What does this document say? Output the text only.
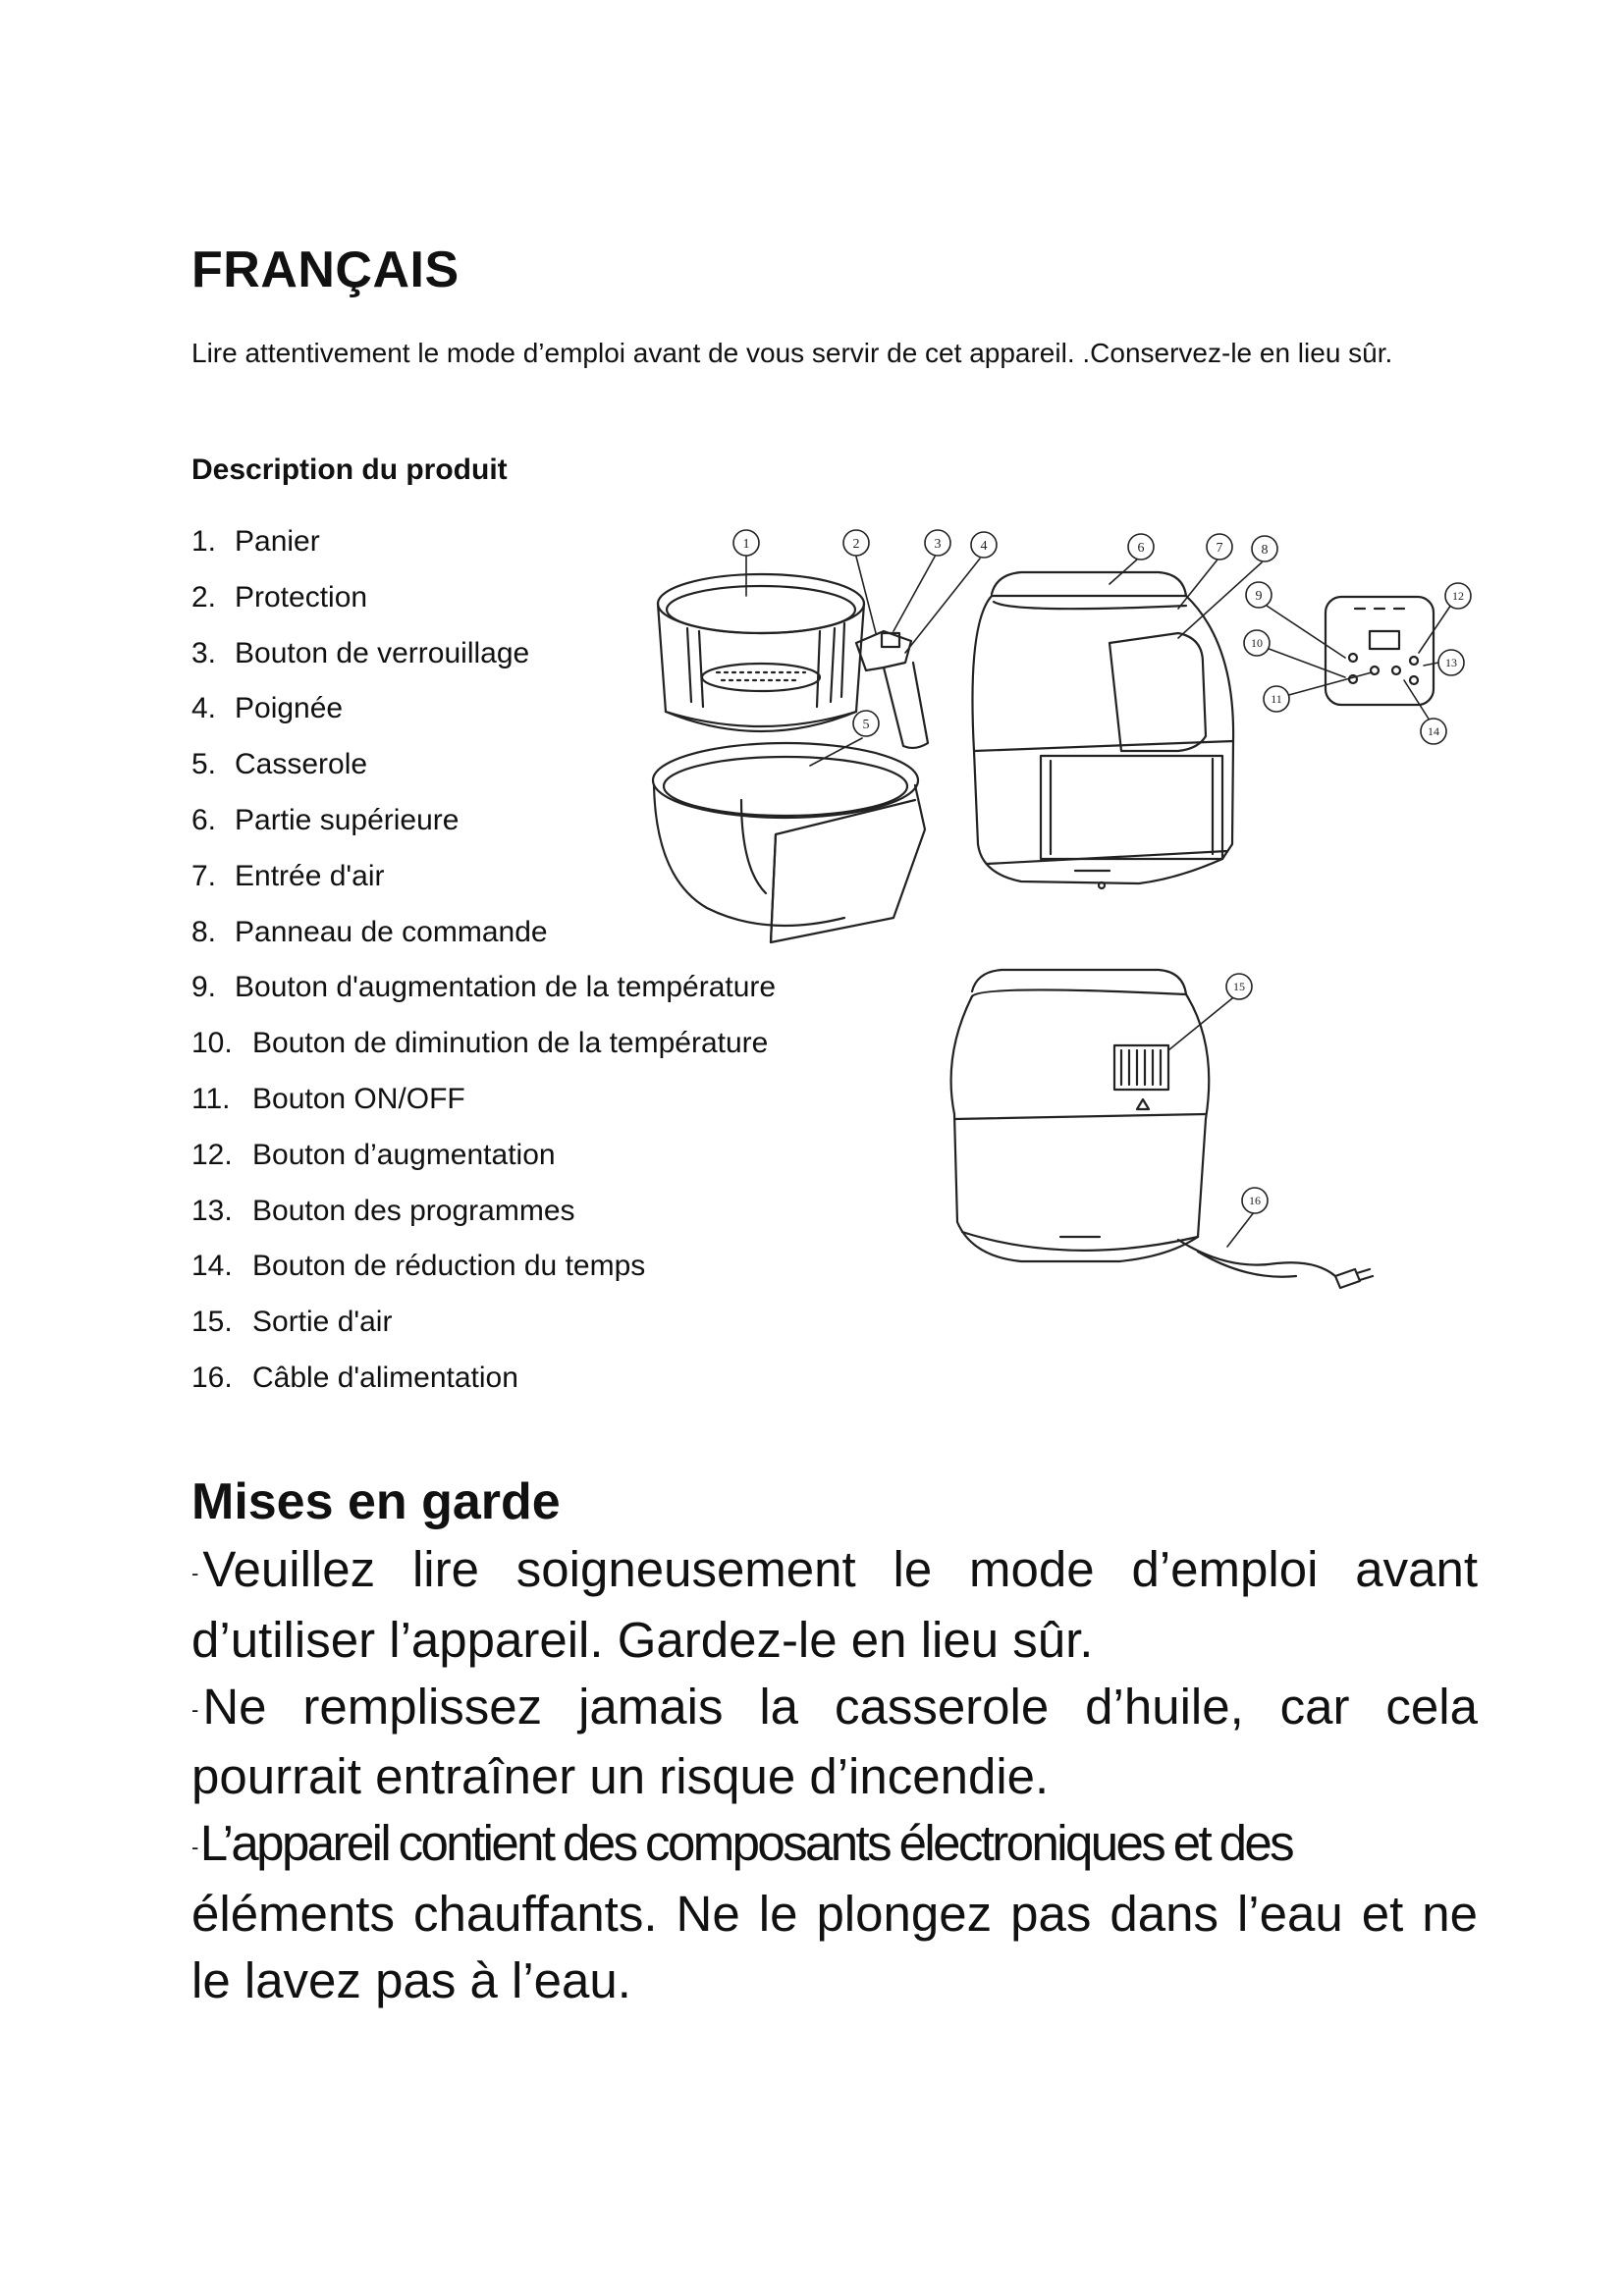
FRANÇAIS
Lire attentivement le mode d’emploi avant de vous servir de cet appareil. .Conservez-le en lieu sûr.
Description du produit
1. Panier
2. Protection
3. Bouton de verrouillage
4. Poignée
5. Casserole
6. Partie supérieure
7. Entrée d'air
8. Panneau de commande
9. Bouton d'augmentation de la température
10. Bouton de diminution de la température
11. Bouton ON/OFF
12. Bouton d’augmentation
13. Bouton des programmes
14. Bouton de réduction du temps
15. Sortie d'air
16. Câble d'alimentation
1	2	3	4
5
6	7	8
9
10
11
12
13
14
15
16
Mises en garde

-Veuillez lire soigneusement le mode d’emploi avant d’utiliser l’appareil. Gardez-le en lieu sûr.

-Ne remplissez jamais la casserole d’huile, car cela pourrait entraîner un risque d’incendie.

-L’appareil contient des composants électroniques et des

éléments chauffants. Ne le plongez pas dans l’eau et ne le lavez pas à l’eau.
